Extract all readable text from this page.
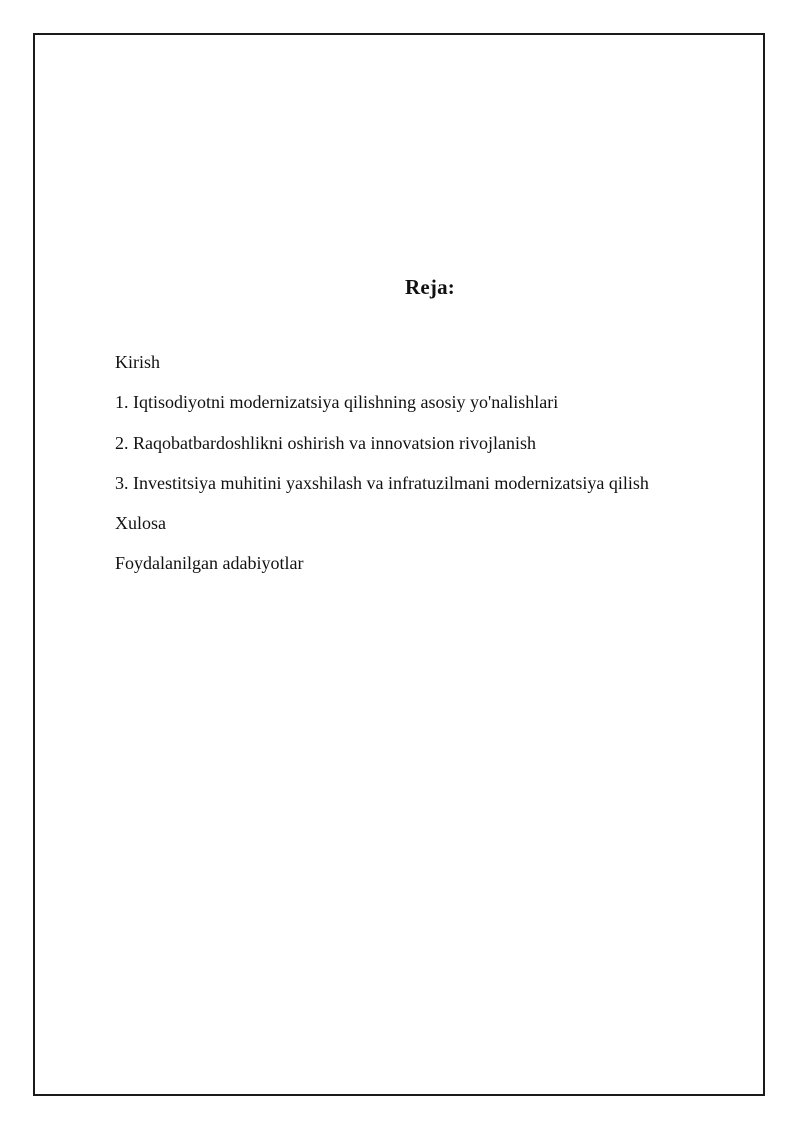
Reja:
Kirish
1. Iqtisodiyotni modernizatsiya qilishning asosiy yo'nalishlari
2. Raqobatbardoshlikni oshirish va innovatsion rivojlanish
3. Investitsiya muhitini yaxshilash va infratuzilmani modernizatsiya qilish
Xulosa
Foydalanilgan adabiyotlar
